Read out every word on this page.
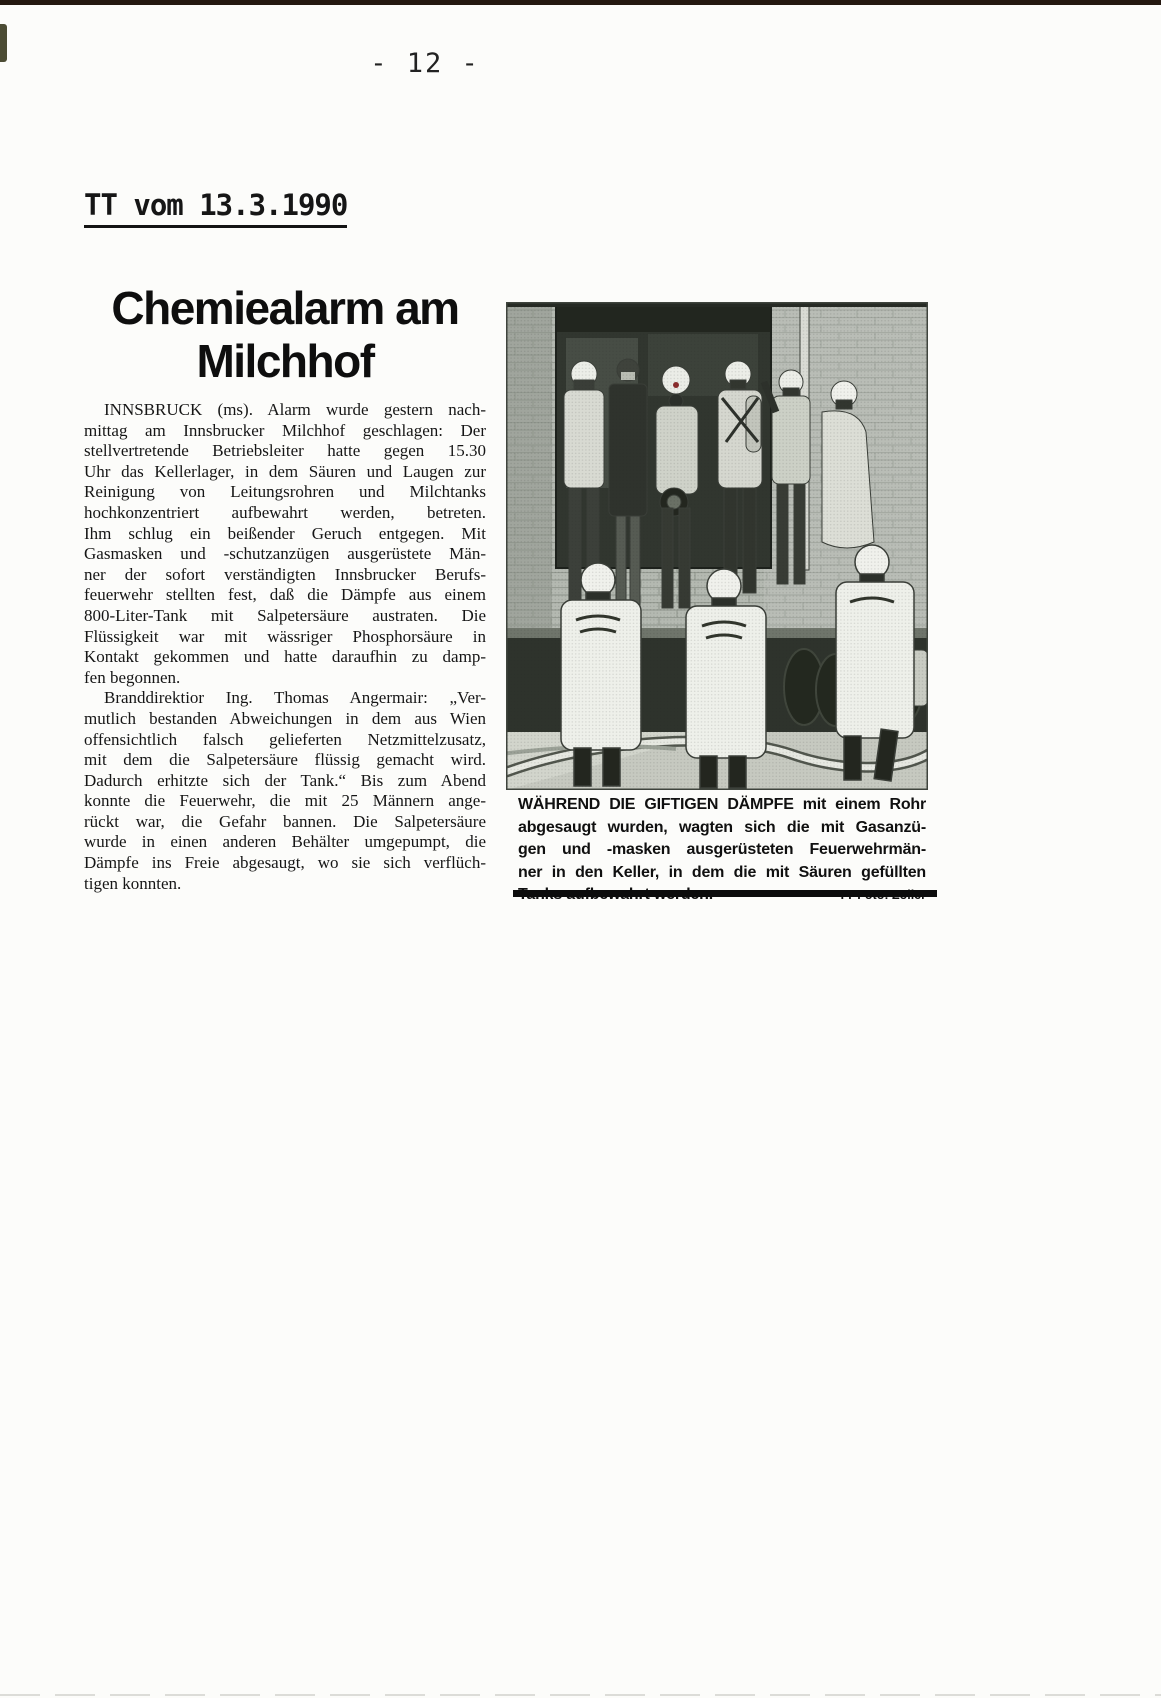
- 12 -
TT vom 13.3.1990
Chemiealarm am
Milchhof
INNSBRUCK (ms). Alarm wurde gestern nach-
mittag am Innsbrucker Milchhof geschlagen: Der
stellvertretende Betriebsleiter hatte gegen 15.30
Uhr das Kellerlager, in dem Säuren und Laugen zur
Reinigung von Leitungsrohren und Milchtanks
hochkonzentriert aufbewahrt werden, betreten.
Ihm schlug ein beißender Geruch entgegen. Mit
Gasmasken und -schutzanzügen ausgerüstete Män-
ner der sofort verständigten Innsbrucker Berufs-
feuerwehr stellten fest, daß die Dämpfe aus einem
800-Liter-Tank mit Salpetersäure austraten. Die
Flüssigkeit war mit wässriger Phosphorsäure in
Kontakt gekommen und hatte daraufhin zu damp-
fen begonnen.
Branddirektior Ing. Thomas Angermair: „Ver-
mutlich bestanden Abweichungen in dem aus Wien
offensichtlich falsch gelieferten Netzmittelzusatz,
mit dem die Salpetersäure flüssig gemacht wird.
Dadurch erhitzte sich der Tank.“ Bis zum Abend
konnte die Feuerwehr, die mit 25 Männern ange-
rückt war, die Gefahr bannen. Die Salpetersäure
wurde in einen anderen Behälter umgepumpt, die
Dämpfe ins Freie abgesaugt, wo sie sich verflüch-
tigen konnten.
WÄHREND DIE GIFTIGEN DÄMPFE mit einem Rohr
abgesaugt wurden, wagten sich die mit Gasanzü-
gen und -masken ausgerüsteten Feuerwehrmän-
ner in den Keller, in dem die mit Säuren gefüllten
